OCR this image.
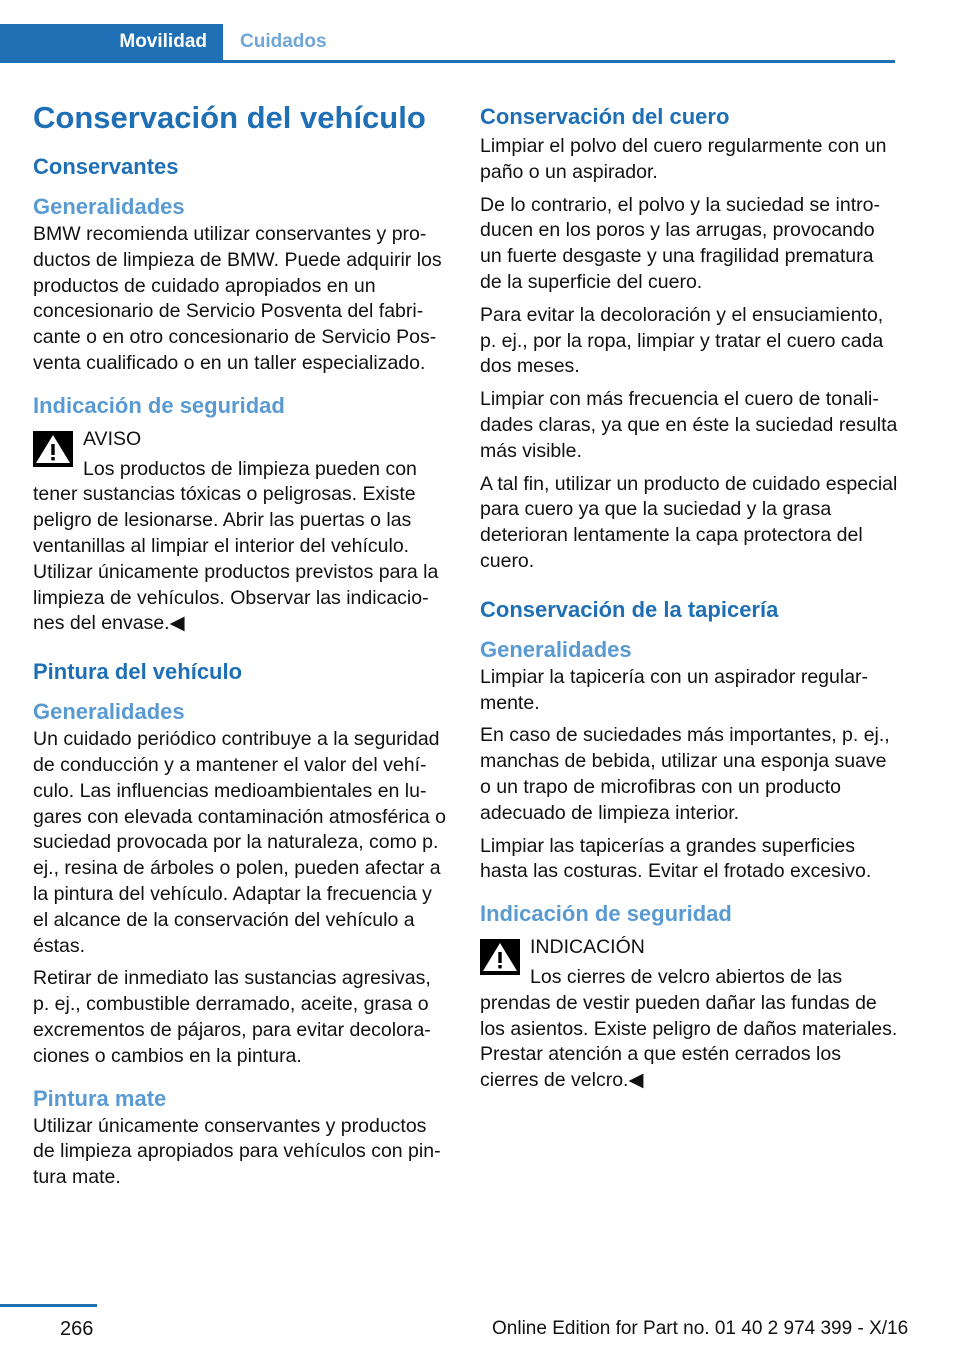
Movilidad	Cuidados
Conservación del vehículo
Conservantes
Generalidades
BMW recomienda utilizar conservantes y productos de limpieza de BMW. Puede adquirir los productos de cuidado apropiados en un concesionario de Servicio Posventa del fabricante o en otro concesionario de Servicio Posventa cualificado o en un taller especializado.
Indicación de seguridad
AVISO
Los productos de limpieza pueden con
tener sustancias tóxicas o peligrosas. Existe peligro de lesionarse. Abrir las puertas o las ventanillas al limpiar el interior del vehículo. Utilizar únicamente productos previstos para la limpieza de vehículos. Observar las indicaciones del envase.◀
Pintura del vehículo
Generalidades
Un cuidado periódico contribuye a la seguridad de conducción y a mantener el valor del vehículo. Las influencias medioambientales en lugares con elevada contaminación atmosférica o suciedad provocada por la naturaleza, como p. ej., resina de árboles o polen, pueden afectar a la pintura del vehículo. Adaptar la frecuencia y el alcance de la conservación del vehículo a éstas.
Retirar de inmediato las sustancias agresivas, p. ej., combustible derramado, aceite, grasa o excrementos de pájaros, para evitar decoloraciones o cambios en la pintura.
Pintura mate
Utilizar únicamente conservantes y productos de limpieza apropiados para vehículos con pintura mate.
Conservación del cuero
Limpiar el polvo del cuero regularmente con un paño o un aspirador.
De lo contrario, el polvo y la suciedad se introducen en los poros y las arrugas, provocando un fuerte desgaste y una fragilidad prematura de la superficie del cuero.
Para evitar la decoloración y el ensuciamiento, p. ej., por la ropa, limpiar y tratar el cuero cada dos meses.
Limpiar con más frecuencia el cuero de tonalidades claras, ya que en éste la suciedad resulta más visible.
A tal fin, utilizar un producto de cuidado especial para cuero ya que la suciedad y la grasa deterioran lentamente la capa protectora del cuero.
Conservación de la tapicería
Generalidades
Limpiar la tapicería con un aspirador regularmente.
En caso de suciedades más importantes, p. ej., manchas de bebida, utilizar una esponja suave o un trapo de microfibras con un producto adecuado de limpieza interior.
Limpiar las tapicerías a grandes superficies hasta las costuras. Evitar el frotado excesivo.
Indicación de seguridad
INDICACIÓN
Los cierres de velcro abiertos de las
prendas de vestir pueden dañar las fundas de los asientos. Existe peligro de daños materiales. Prestar atención a que estén cerrados los cierres de velcro.◀
266	Online Edition for Part no. 01 40 2 974 399 - X/16
